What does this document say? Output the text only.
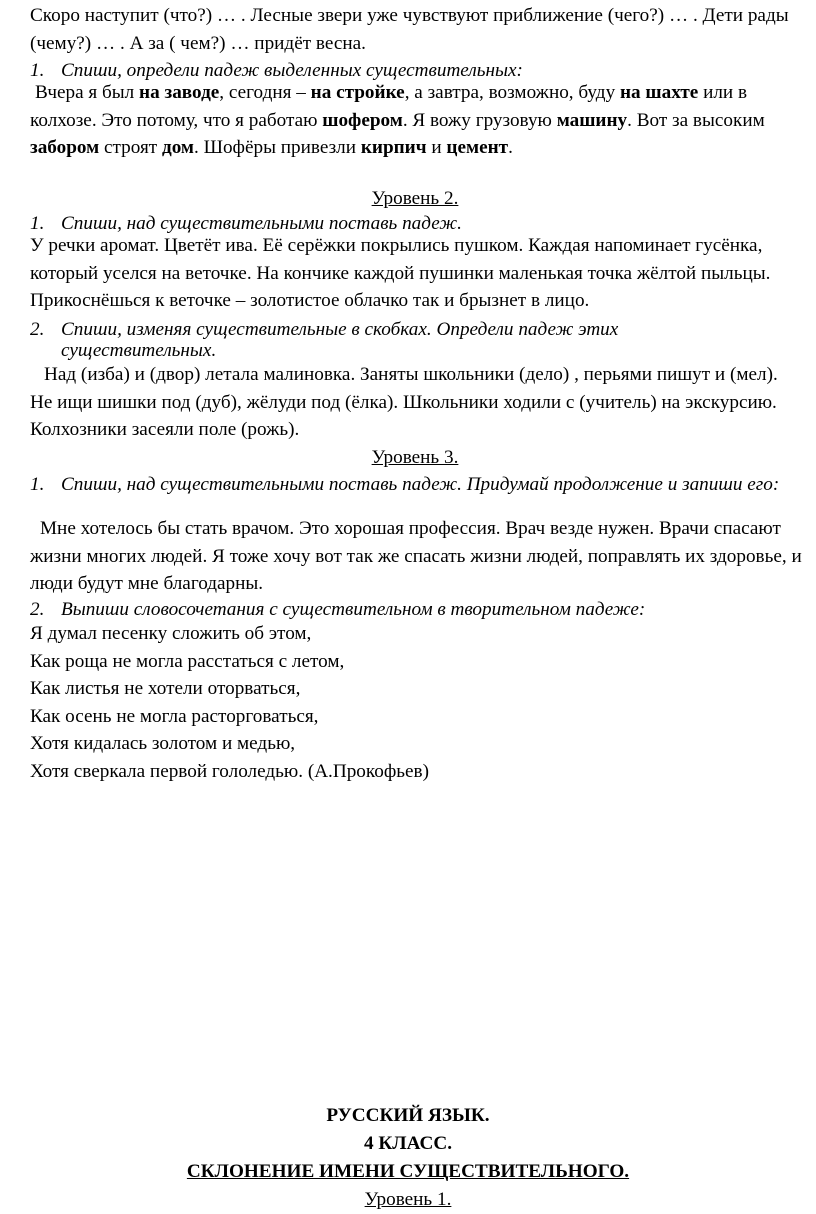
Скоро наступит (что?) … . Лесные звери уже чувствуют приближение (чего?) … . Дети рады (чему?) … . А за ( чем?) … придёт весна.

1. Спиши, определи падеж выделенных существительных:

Вчера я был на заводе, сегодня – на стройке, а завтра, возможно, буду на шахте или в колхозе. Это потому, что я работаю шофером. Я вожу грузовую машину. Вот за высоким забором строят дом. Шофёры привезли кирпич и цемент.

Уровень 2.
1. Спиши, над существительными поставь падеж.

У речки аромат. Цветёт ива. Её серёжки покрылись пушком. Каждая напоминает гусёнка, который уселся на веточке. На кончике каждой пушинки маленькая точка жёлтой пыльцы. Прикоснёшься к веточке – золотистое облачко так и брызнет в лицо.

2. Спиши, изменяя существительные в скобках. Определи падеж этих существительных.

Над (изба) и (двор) летала малиновка. Заняты школьники (дело) , перьями пишут и (мел). Не ищи шишки под (дуб), жёлуди под (ёлка). Школьники ходили с (учитель) на экскурсию. Колхозники засеяли поле (рожь).

Уровень 3.
1. Спиши, над существительными поставь падеж. Придумай продолжение и запиши его:

Мне хотелось бы стать врачом. Это хорошая профессия. Врач везде нужен. Врачи спасают жизни многих людей. Я тоже хочу вот так же спасать жизни людей, поправлять их здоровье, и люди будут мне благодарны.

2. Выпиши словосочетания с существительном в творительном падеже:
Я думал песенку сложить об этом,
Как роща не могла расстаться с летом,
Как листья не хотели оторваться,
Как осень не могла расторговаться,
Хотя кидалась золотом и медью,
Хотя сверкала первой гололедью. (А.Прокофьев)
РУССКИЙ ЯЗЫК.
4 КЛАСС.
СКЛОНЕНИЕ ИМЕНИ СУЩЕСТВИТЕЛЬНОГО.
Уровень 1.
